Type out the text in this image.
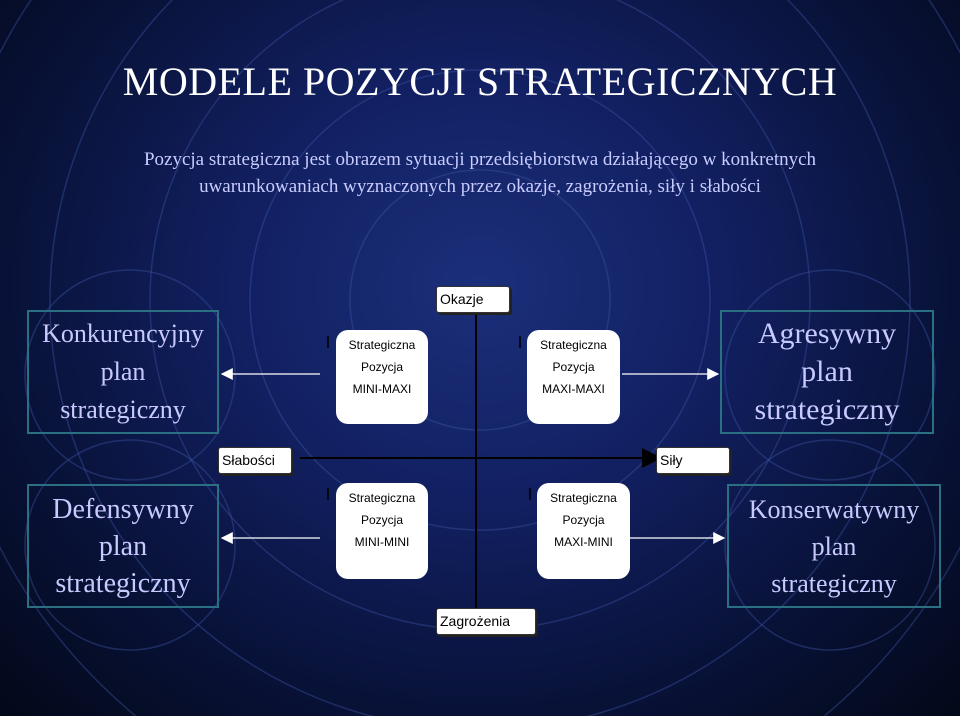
MODELE POZYCJI STRATEGICZNYCH
Pozycja strategiczna jest obrazem sytuacji przedsiębiorstwa działającego w konkretnych
uwarunkowaniach wyznaczonych przez okazje, zagrożenia, siły i słabości
Okazje
Słabości	Siły
Zagrożenia
Strategiczna
Pozycja
MINI-MAXI
Strategiczna
Pozycja
MAXI-MAXI
Strategiczna
Pozycja
MINI-MINI
Strategiczna
Pozycja
MAXI-MINI
Konkurencyjny
plan
strategiczny
Agresywny
plan
strategiczny
Defensywny
plan
strategiczny
Konserwatywny
plan
strategiczny
